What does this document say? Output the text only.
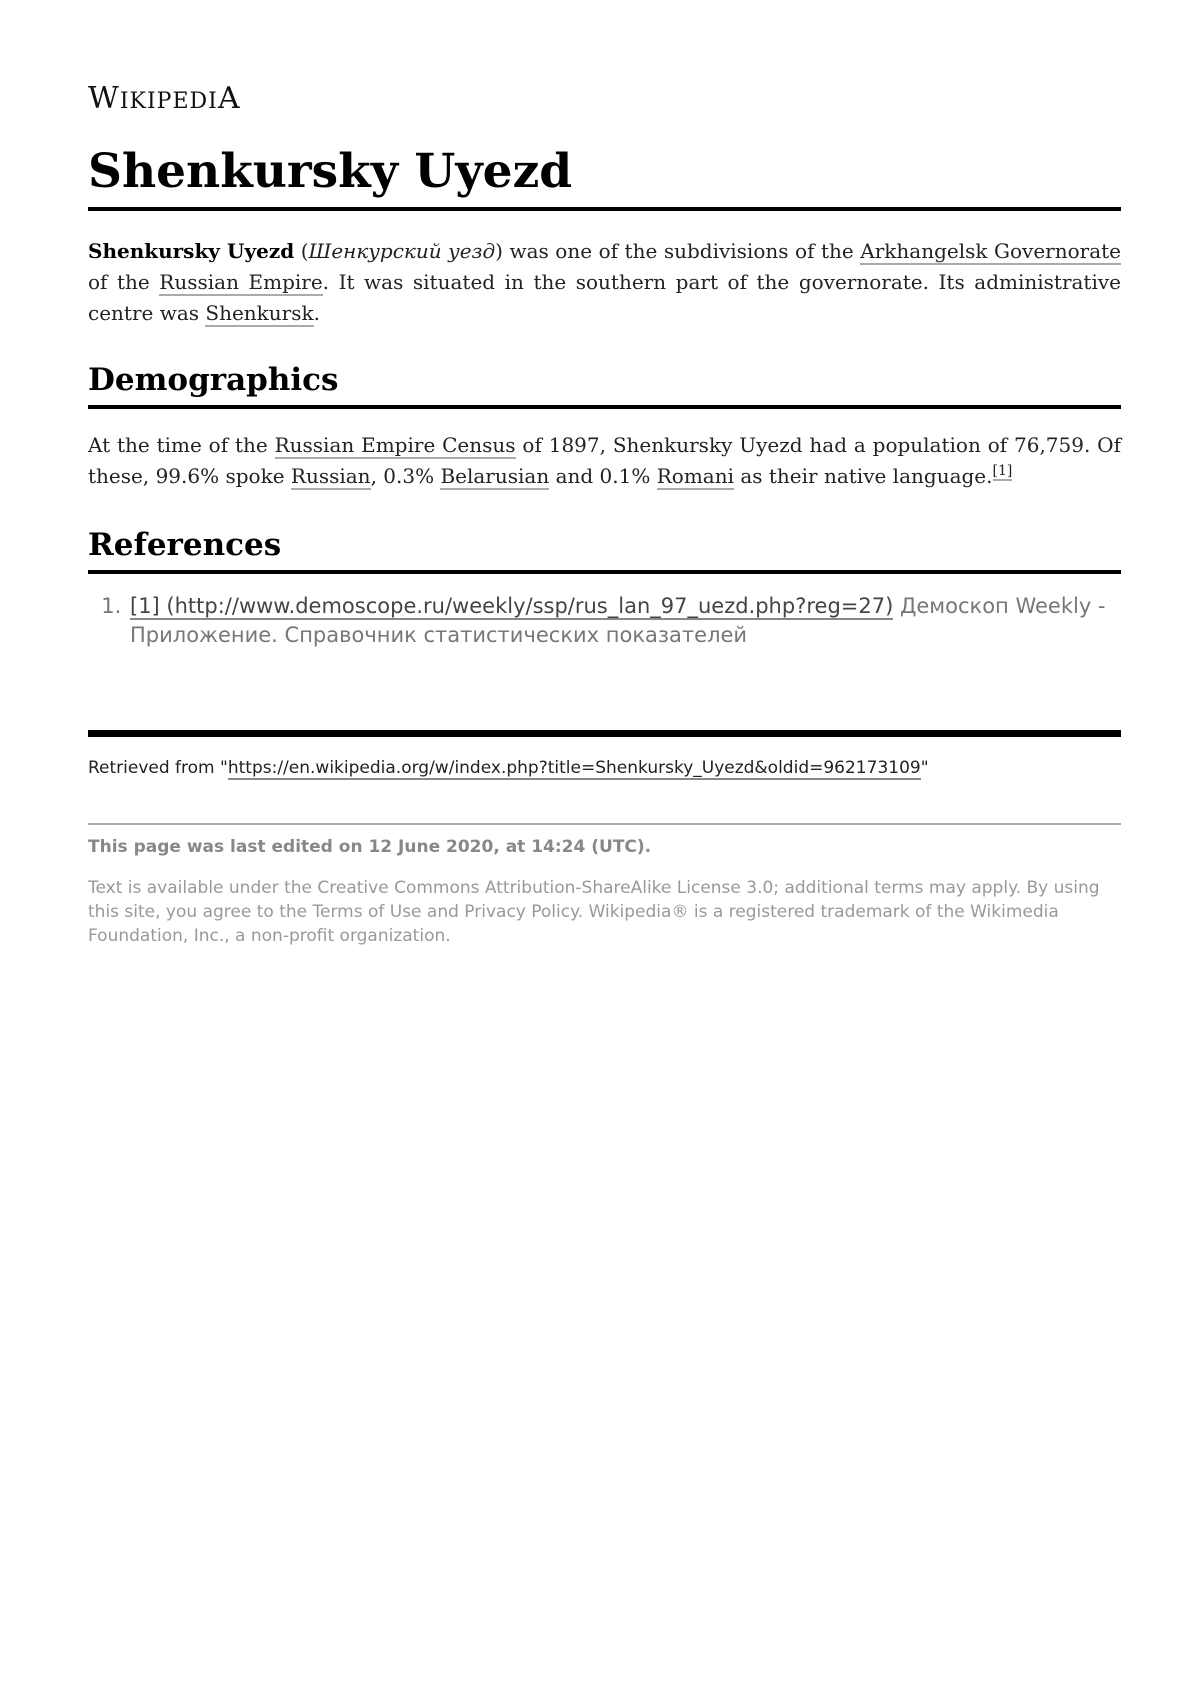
WIKIPEDIA
Shenkursky Uyezd

Shenkursky Uyezd (Шенкурский уезд) was one of the subdivisions of the Arkhangelsk Governorate of the Russian Empire. It was situated in the southern part of the governorate. Its administrative centre was Shenkursk.

Demographics

At the time of the Russian Empire Census of 1897, Shenkursky Uyezd had a population of 76,759. Of these, 99.6% spoke Russian, 0.3% Belarusian and 0.1% Romani as their native language.[1]

References
1. [1] (http://www.demoscope.ru/weekly/ssp/rus_lan_97_uezd.php?reg=27) Демоскоп Weekly - Приложение. Справочник статистических показателей
Retrieved from "https://en.wikipedia.org/w/index.php?title=Shenkursky_Uyezd&oldid=962173109"
This page was last edited on 12 June 2020, at 14:24 (UTC).
Text is available under the Creative Commons Attribution-ShareAlike License 3.0; additional terms may apply. By using this site, you agree to the Terms of Use and Privacy Policy. Wikipedia® is a registered trademark of the Wikimedia Foundation, Inc., a non-profit organization.
